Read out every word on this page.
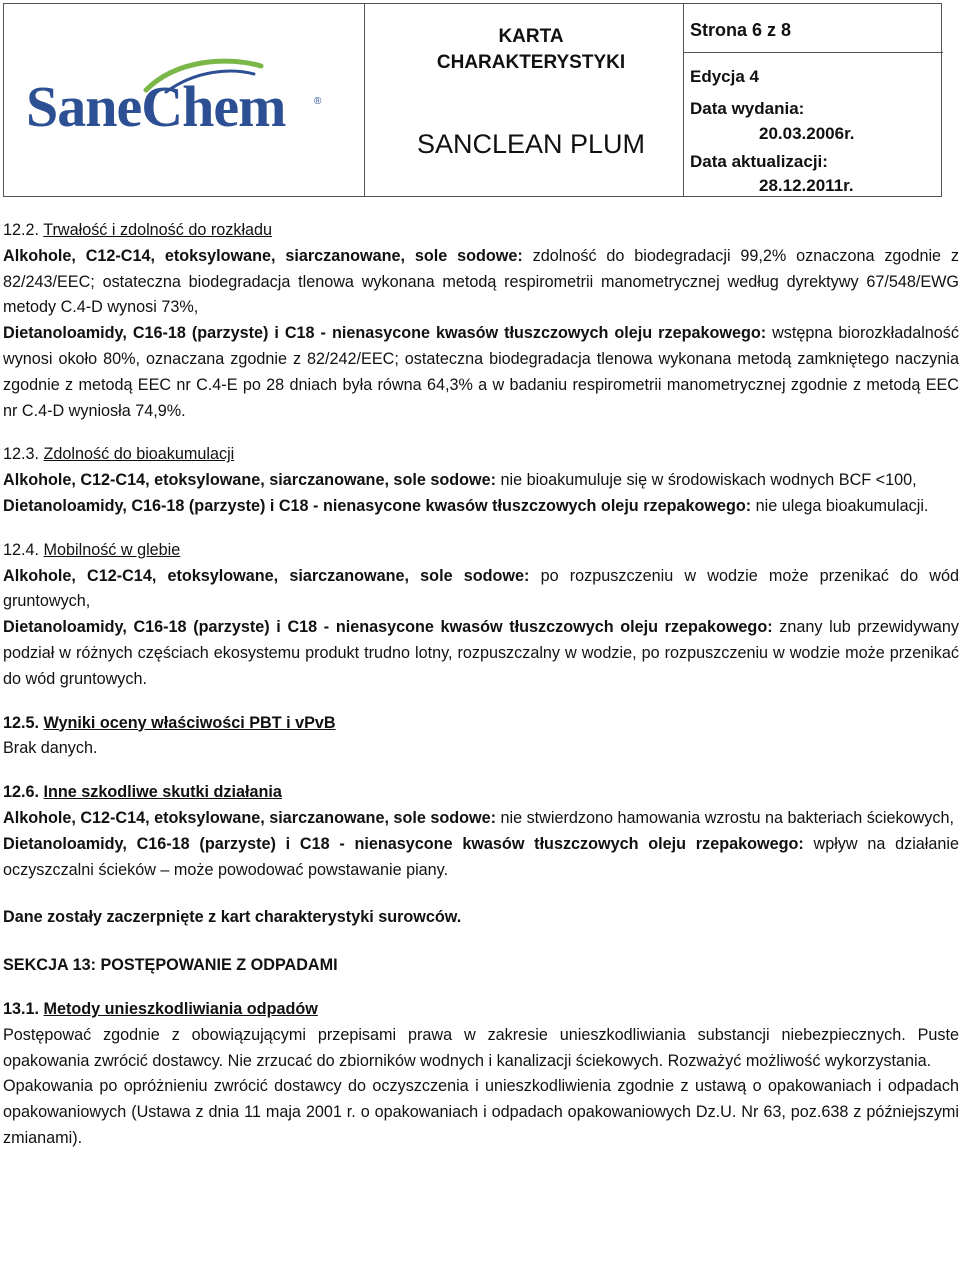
SaneChem	®
KARTA
CHARAKTERYSTYKI
SANCLEAN PLUM
Strona 6 z 8
Edycja 4
Data wydania:
20.03.2006r.
Data aktualizacji:
28.12.2011r.

12.2. Trwałość i zdolność do rozkładu

Alkohole, C12-C14, etoksylowane, siarczanowane, sole sodowe: zdolność do biodegradacji 99,2% oznaczona zgodnie z 82/243/EEC; ostateczna biodegradacja tlenowa wykonana metodą respirometrii manometrycznej według dyrektywy 67/548/EWG metody C.4-D wynosi 73%,

Dietanoloamidy, C16-18 (parzyste) i C18 - nienasycone kwasów tłuszczowych oleju rzepakowego: wstępna biorozkładalność wynosi około 80%, oznaczana zgodnie z 82/242/EEC; ostateczna biodegradacja tlenowa wykonana metodą zamkniętego naczynia zgodnie z metodą EEC nr C.4-E po 28 dniach była równa 64,3% a w badaniu respirometrii manometrycznej zgodnie z metodą EEC nr C.4-D wyniosła 74,9%.

12.3. Zdolność do bioakumulacji

Alkohole, C12-C14, etoksylowane, siarczanowane, sole sodowe: nie bioakumuluje się w środowiskach wodnych BCF <100,

Dietanoloamidy, C16-18 (parzyste) i C18 - nienasycone kwasów tłuszczowych oleju rzepakowego: nie ulega bioakumulacji.

12.4. Mobilność w glebie

Alkohole, C12-C14, etoksylowane, siarczanowane, sole sodowe: po rozpuszczeniu w wodzie może przenikać do wód gruntowych,

Dietanoloamidy, C16-18 (parzyste) i C18 - nienasycone kwasów tłuszczowych oleju rzepakowego: znany lub przewidywany podział w różnych częściach ekosystemu produkt trudno lotny, rozpuszczalny w wodzie, po rozpuszczeniu w wodzie może przenikać do wód gruntowych.

12.5. Wyniki oceny właściwości PBT i vPvB

Brak danych.

12.6. Inne szkodliwe skutki działania

Alkohole, C12-C14, etoksylowane, siarczanowane, sole sodowe: nie stwierdzono hamowania wzrostu na bakteriach ściekowych,

Dietanoloamidy, C16-18 (parzyste) i C18 - nienasycone kwasów tłuszczowych oleju rzepakowego: wpływ na działanie oczyszczalni ścieków – może powodować powstawanie piany.

Dane zostały zaczerpnięte z kart charakterystyki surowców.

SEKCJA 13: POSTĘPOWANIE Z ODPADAMI

13.1. Metody unieszkodliwiania odpadów

Postępować zgodnie z obowiązującymi przepisami prawa w zakresie unieszkodliwiania substancji niebezpiecznych. Puste opakowania zwrócić dostawcy. Nie zrzucać do zbiorników wodnych i kanalizacji ściekowych. Rozważyć możliwość wykorzystania.

Opakowania po opróżnieniu zwrócić dostawcy do oczyszczenia i unieszkodliwienia zgodnie z ustawą o opakowaniach i odpadach opakowaniowych (Ustawa z dnia 11 maja 2001 r. o opakowaniach i odpadach opakowaniowych Dz.U. Nr 63, poz.638 z późniejszymi zmianami).
